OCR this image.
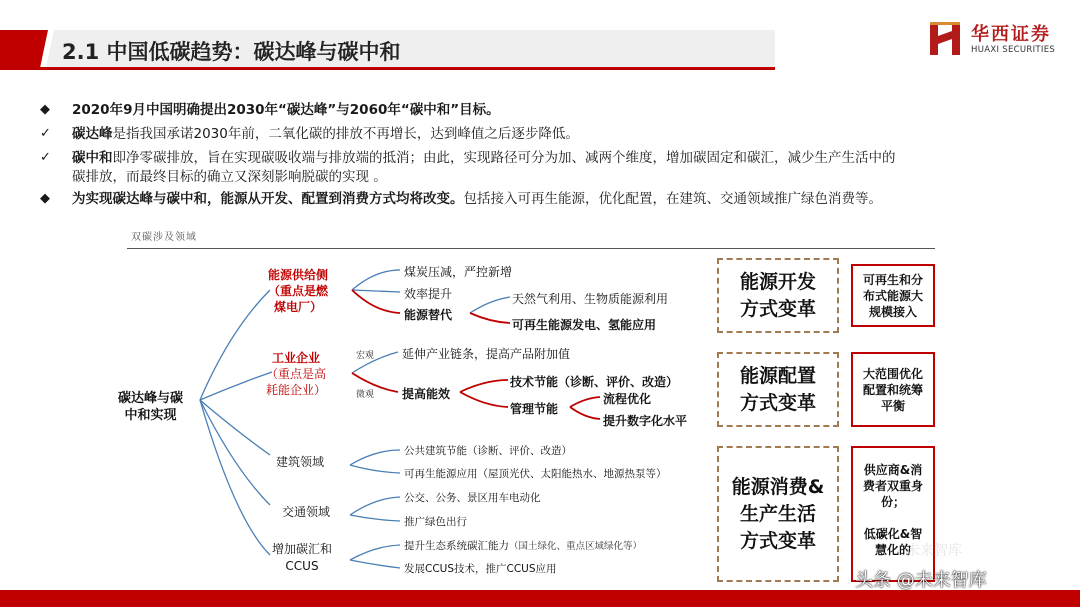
2.1 中国低碳趋势：碳达峰与碳中和
华西证券
HUAXI SECURITIES
◆ 2020年9月中国明确提出2030年“碳达峰”与2060年“碳中和”目标。
✓ 碳达峰是指我国承诺2030年前，二氧化碳的排放不再增长，达到峰值之后逐步降低。
✓ 碳中和即净零碳排放，旨在实现碳吸收端与排放端的抵消；由此，实现路径可分为加、减两个维度，增加碳固定和碳汇，减少生产生活中的
碳排放，而最终目标的确立又深刻影响脱碳的实现 。
◆ 为实现碳达峰与碳中和，能源从开发、配置到消费方式均将改变。包括接入可再生能源，优化配置，在建筑、交通领域推广绿色消费等。
双碳涉及领域
碳达峰与碳
中和实现
能源供给侧
（重点是燃
煤电厂）
煤炭压减，严控新增
效率提升
能源替代
天然气利用、生物质能源利用
可再生能源发电、氢能应用
工业企业
（重点是高
耗能企业）
宏观
微观
延伸产业链条，提高产品附加值
提高能效
技术节能（诊断、评价、改造）
管理节能
流程优化
提升数字化水平
建筑领域
公共建筑节能（诊断、评价、改造）
可再生能源应用（屋顶光伏、太阳能热水、地源热泵等）
交通领域
公交、公务、景区用车电动化
推广绿色出行
增加碳汇和
CCUS
提升生态系统碳汇能力（国土绿化、重点区域绿化等）
发展CCUS技术，推广CCUS应用
能源开发
方式变革
可再生和分
布式能源大
规模接入
能源配置
方式变革
大范围优化
配置和统筹
平衡
能源消费&
生产生活
方式变革
供应商&消
费者双重身
份；

低碳化&智
慧化的
未来智库
头条 @未来智库
